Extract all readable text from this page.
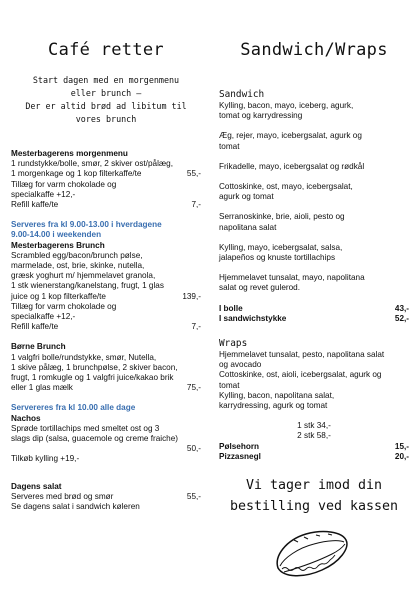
Café retter
Start dagen med en morgenmenu
eller brunch –
Der er altid brød ad libitum til
vores brunch
Mesterbagerens morgenmenu
1 rundstykke/bolle, smør, 2 skiver ost/pålæg,
1 morgenkage og 1 kop filterkaffe/te	55,-
Tillæg for varm chokolade og
specialkaffe +12,-
Refill kaffe/te	7,-
Serveres fra kl 9.00-13.00 i hverdagene
9.00-14.00 i weekenden
Mesterbagerens Brunch
Scrambled egg/bacon/brunch pølse,
marmelade, ost, brie, skinke, nutella,
græsk yoghurt m/ hjemmelavet granola,
1 stk wienerstang/kanelstang, frugt, 1 glas
juice og 1 kop filterkaffe/te	139,-
Tillæg for varm chokolade og
specialkaffe +12,-
Refill kaffe/te	7,-
Børne Brunch
1 valgfri bolle/rundstykke, smør, Nutella,
1 skive pålæg, 1 brunchpølse, 2 skiver bacon,
frugt, 1 romkugle og 1 valgfri juice/kakao brik
eller 1 glas mælk	75,-
Servereres fra kl 10.00 alle dage
Nachos
Sprøde tortillachips med smeltet ost og 3
slags dip (salsa, guacemole og creme fraiche)
50,-
Tilkøb kylling +19,-
Dagens salat
Serveres med brød og smør	55,-
Se dagens salat i sandwich køleren
Sandwich/Wraps
Sandwich
Kylling, bacon, mayo, iceberg, agurk,
tomat og karrydressing
Æg, rejer, mayo, icebergsalat, agurk og
tomat
Frikadelle, mayo, icebergsalat og rødkål
Cottoskinke, ost, mayo, icebergsalat,
agurk og tomat
Serranoskinke, brie, aioli, pesto og
napolitana salat
Kylling, mayo, icebergsalat, salsa,
jalapeños og knuste tortillachips
Hjemmelavet tunsalat, mayo, napolitana
salat og revet gulerod.
I bolle	43,-
I sandwichstykke	52,-
Wraps
Hjemmelavet tunsalat, pesto, napolitana salat
og avocado
Cottoskinke, ost, aioli, icebergsalat, agurk og
tomat
Kylling, bacon, napolitana salat,
karrydressing, agurk og tomat
1 stk 34,-
2 stk 58,-
Pølsehorn	15,-
Pizzasnegl	20,-
Vi tager imod din
bestilling ved kassen
